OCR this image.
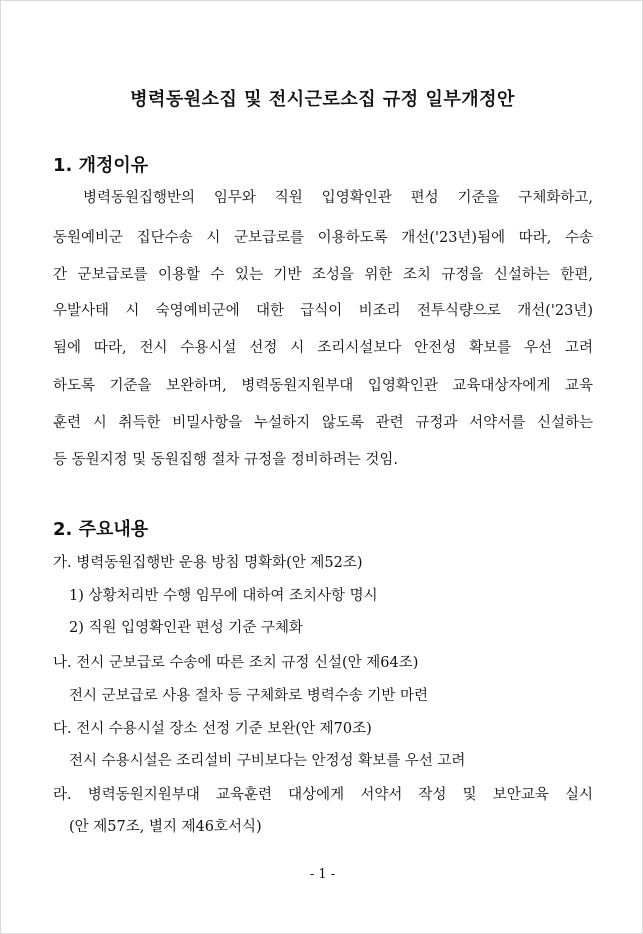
병력동원소집 및 전시근로소집 규정 일부개정안
1. 개정이유
병력동원집행반의 임무와 직원 입영확인관 편성 기준을 구체화하고,
동원예비군 집단수송 시 군보급로를 이용하도록 개선('23년)됨에 따라, 수송
간 군보급로를 이용할 수 있는 기반 조성을 위한 조치 규정을 신설하는 한편,
우발사태 시 숙영예비군에 대한 급식이 비조리 전투식량으로 개선('23년)
됨에 따라, 전시 수용시설 선정 시 조리시설보다 안전성 확보를 우선 고려
하도록 기준을 보완하며, 병력동원지원부대 입영확인관 교육대상자에게 교육
훈련 시 취득한 비밀사항을 누설하지 않도록 관련 규정과 서약서를 신설하는
등 동원지정 및 동원집행 절차 규정을 정비하려는 것임.
2. 주요내용
가. 병력동원집행반 운용 방침 명확화(안 제52조)
1) 상황처리반 수행 임무에 대하여 조치사항 명시
2) 직원 입영확인관 편성 기준 구체화
나. 전시 군보급로 수송에 따른 조치 규정 신설(안 제64조)
전시 군보급로 사용 절차 등 구체화로 병력수송 기반 마련
다. 전시 수용시설 장소 선정 기준 보완(안 제70조)
전시 수용시설은 조리설비 구비보다는 안정성 확보를 우선 고려
라. 병력동원지원부대 교육훈련 대상에게 서약서 작성 및 보안교육 실시
(안 제57조, 별지 제46호서식)
- 1 -
